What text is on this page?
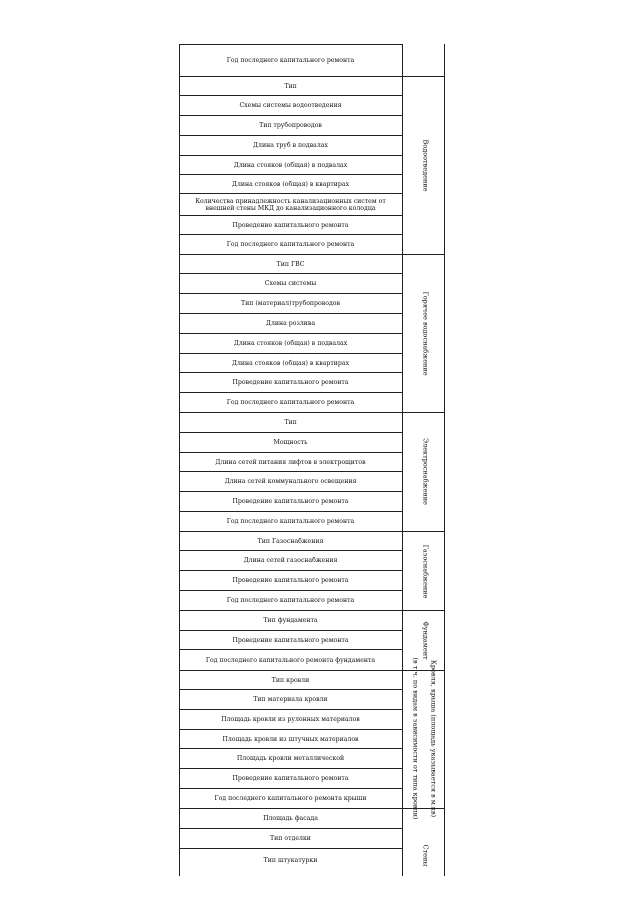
Год последнего капитального ремонта
Тип
Схемы системы водоотведения
Тип трубопроводов
Длина труб в подвалах
Длина стояков (общая) в подвалах
Длина стояков (общая) в квартирах
Количества принадлежность канализационных систем от внешней стены МКД до канализационного колодца
Проведение капитального ремонта
Год последнего капитального ремонта
Тип ГВС
Схемы системы
Тип (материал)трубопроводов
Длина розлива
Длина стояков (общая) в подвалах
Длина стояков (общая) в квартирах
Проведение капитального ремонта
Год последнего капитального ремонта
Тип
Мощность
Длина сетей питания лифтов в электрощитов
Длина сетей коммунального освещения
Проведение капитального ремонта
Год последнего капитального ремонта
Тип Газоснабжения
Длина сетей газоснабжения
Проведение капитального ремонта
Год последнего капитального ремонта
Тип фундамента
Проведение капитального ремонта
Год последнего капитального ремонта фундамента
Тип кровли
Тип материала кровли
Площадь кровли из рулонных материалов
Площадь кровли из штучных материалов
Площадь кровли металлической
Проведение капитального ремонта
Год последнего капитального ремонта крыши
Площадь фасада
Тип отделки
Тип штукатурки
Водоотведение
Горячее водоснабжение
Электроснабжение
Газоснабжение
Фундамент
Кровля, крыша (площадь указывается в м.кв)
(в т.ч. по видам в зависимости от типа кровли)
Стены
